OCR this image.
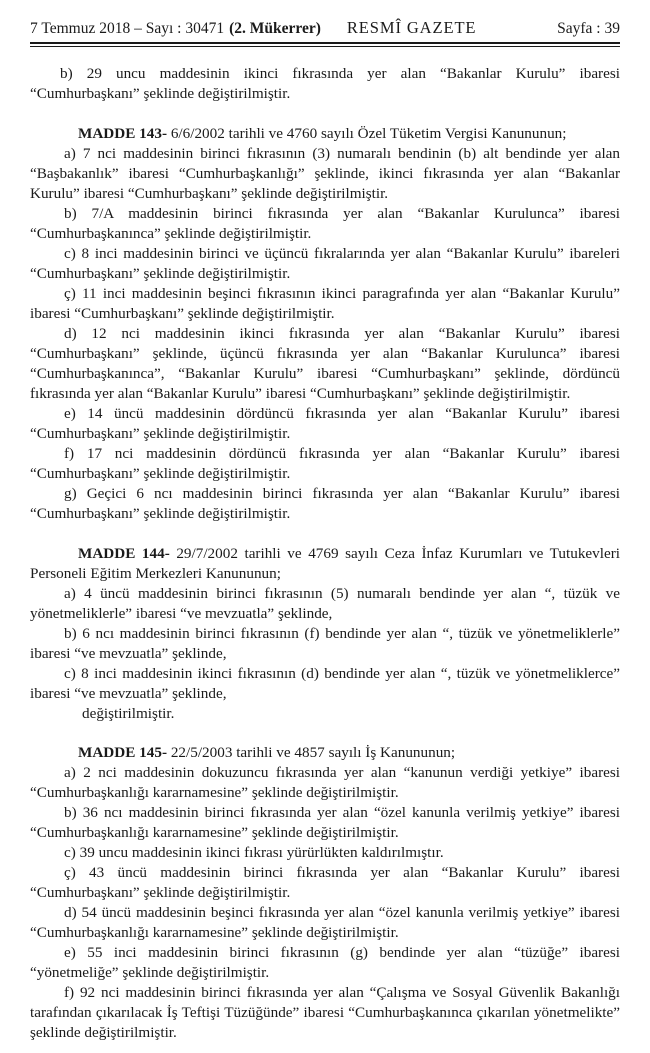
7 Temmuz 2018 – Sayı : 30471 (2. Mükerrer)	RESMÎ GAZETE	Sayfa : 39

b) 29 uncu maddesinin ikinci fıkrasında yer alan “Bakanlar Kurulu” ibaresi “Cumhurbaşkanı” şeklinde değiştirilmiştir.

MADDE 143- 6/6/2002 tarihli ve 4760 sayılı Özel Tüketim Vergisi Kanununun;

a) 7 nci maddesinin birinci fıkrasının (3) numaralı bendinin (b) alt bendinde yer alan “Başbakanlık” ibaresi “Cumhurbaşkanlığı” şeklinde, ikinci fıkrasında yer alan “Bakanlar Kurulu” ibaresi “Cumhurbaşkanı” şeklinde değiştirilmiştir.

b) 7/A maddesinin birinci fıkrasında yer alan “Bakanlar Kurulunca” ibaresi “Cumhurbaşkanınca” şeklinde değiştirilmiştir.

c) 8 inci maddesinin birinci ve üçüncü fıkralarında yer alan “Bakanlar Kurulu” ibareleri “Cumhurbaşkanı” şeklinde değiştirilmiştir.

ç) 11 inci maddesinin beşinci fıkrasının ikinci paragrafında yer alan “Bakanlar Kurulu” ibaresi “Cumhurbaşkanı” şeklinde değiştirilmiştir.

d) 12 nci maddesinin ikinci fıkrasında yer alan “Bakanlar Kurulu” ibaresi “Cumhurbaşkanı” şeklinde, üçüncü fıkrasında yer alan “Bakanlar Kurulunca” ibaresi “Cumhurbaşkanınca”, “Bakanlar Kurulu” ibaresi “Cumhurbaşkanı” şeklinde, dördüncü fıkrasında yer alan “Bakanlar Kurulu” ibaresi “Cumhurbaşkanı” şeklinde değiştirilmiştir.

e) 14 üncü maddesinin dördüncü fıkrasında yer alan “Bakanlar Kurulu” ibaresi “Cumhurbaşkanı” şeklinde değiştirilmiştir.

f) 17 nci maddesinin dördüncü fıkrasında yer alan “Bakanlar Kurulu” ibaresi “Cumhurbaşkanı” şeklinde değiştirilmiştir.

g) Geçici 6 ncı maddesinin birinci fıkrasında yer alan “Bakanlar Kurulu” ibaresi “Cumhurbaşkanı” şeklinde değiştirilmiştir.

MADDE 144- 29/7/2002 tarihli ve 4769 sayılı Ceza İnfaz Kurumları ve Tutukevleri Personeli Eğitim Merkezleri Kanununun;

a) 4 üncü maddesinin birinci fıkrasının (5) numaralı bendinde yer alan “, tüzük ve yönetmeliklerle” ibaresi “ve mevzuatla” şeklinde,

b) 6 ncı maddesinin birinci fıkrasının (f) bendinde yer alan “, tüzük ve yönetmeliklerle” ibaresi “ve mevzuatla” şeklinde,

c) 8 inci maddesinin ikinci fıkrasının (d) bendinde yer alan “, tüzük ve yönetmeliklerce” ibaresi “ve mevzuatla” şeklinde,

değiştirilmiştir.

MADDE 145- 22/5/2003 tarihli ve 4857 sayılı İş Kanununun;

a) 2 nci maddesinin dokuzuncu fıkrasında yer alan “kanunun verdiği yetkiye” ibaresi “Cumhurbaşkanlığı kararnamesine” şeklinde değiştirilmiştir.

b) 36 ncı maddesinin birinci fıkrasında yer alan “özel kanunla verilmiş yetkiye” ibaresi “Cumhurbaşkanlığı kararnamesine” şeklinde değiştirilmiştir.

c) 39 uncu maddesinin ikinci fıkrası yürürlükten kaldırılmıştır.

ç) 43 üncü maddesinin birinci fıkrasında yer alan “Bakanlar Kurulu” ibaresi “Cumhurbaşkanı” şeklinde değiştirilmiştir.

d) 54 üncü maddesinin beşinci fıkrasında yer alan “özel kanunla verilmiş yetkiye” ibaresi “Cumhurbaşkanlığı kararnamesine” şeklinde değiştirilmiştir.

e) 55 inci maddesinin birinci fıkrasının (g) bendinde yer alan “tüzüğe” ibaresi “yönetmeliğe” şeklinde değiştirilmiştir.

f) 92 nci maddesinin birinci fıkrasında yer alan “Çalışma ve Sosyal Güvenlik Bakanlığı tarafından çıkarılacak İş Teftişi Tüzüğünde” ibaresi “Cumhurbaşkanınca çıkarılan yönetmelikte” şeklinde değiştirilmiştir.
